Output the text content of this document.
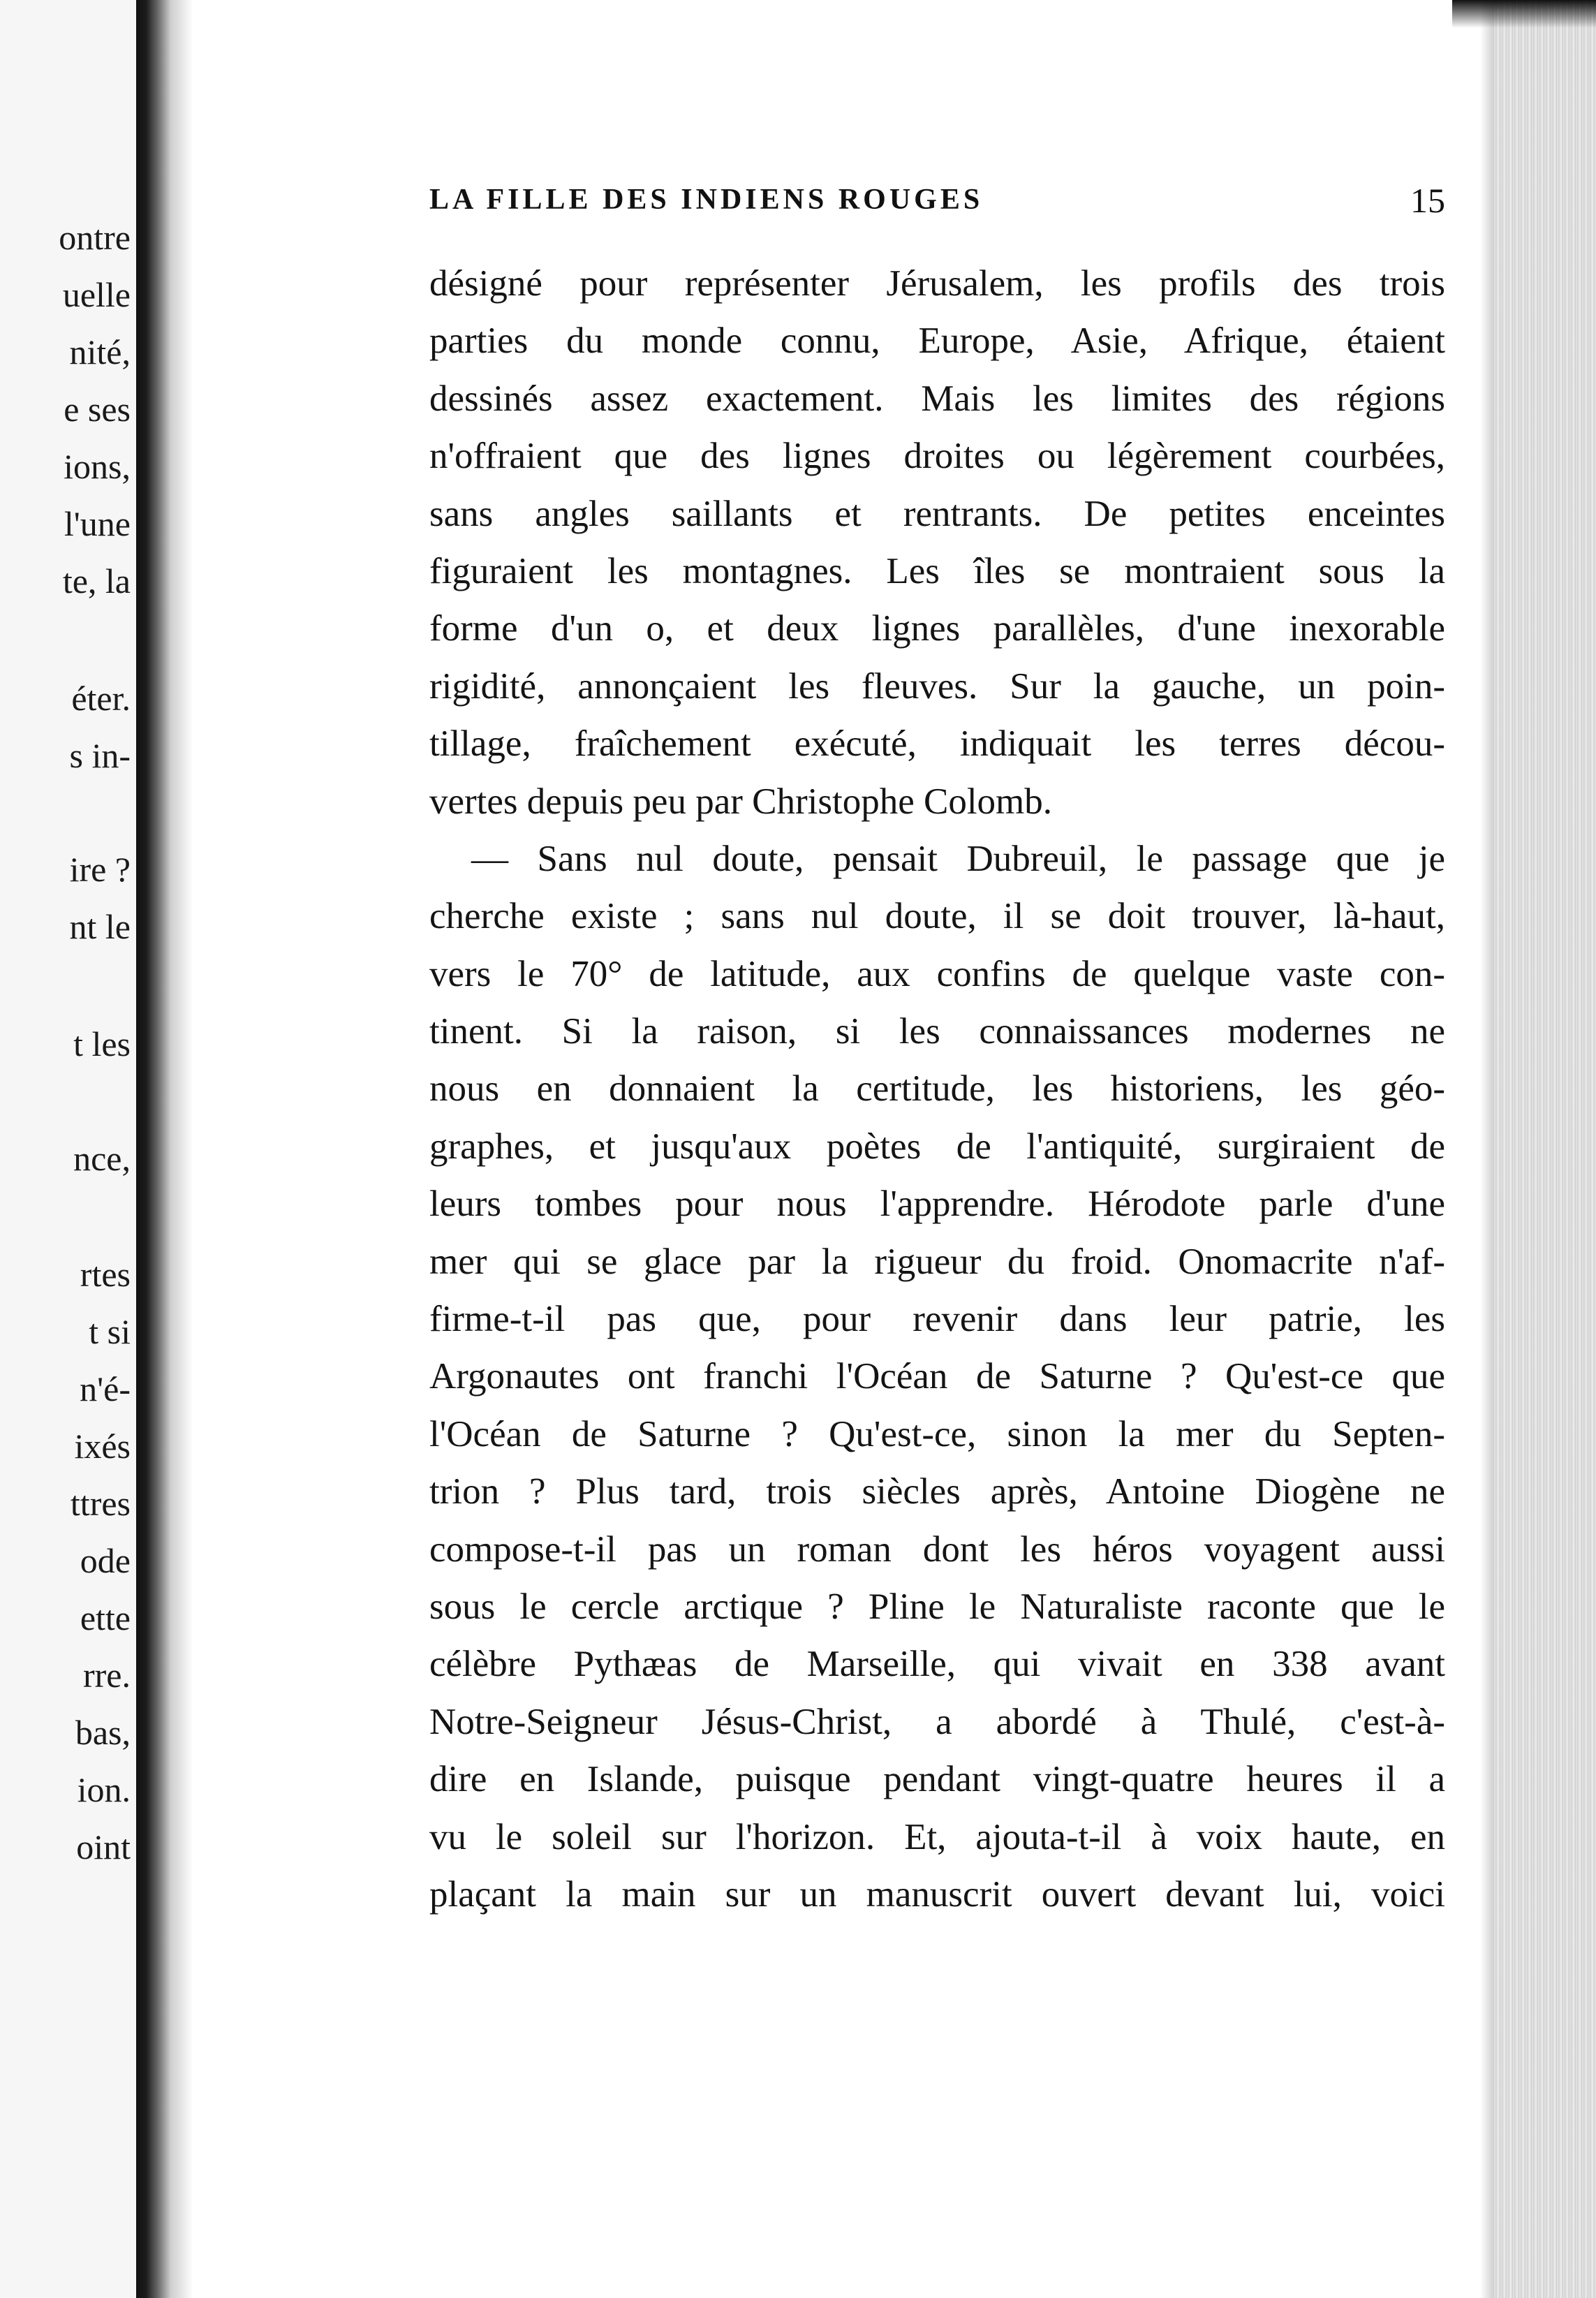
ontre
uelle
nité,
e ses
ions,
l'une
te, la
éter.
s in-
ire ?
nt le
t les
nce,
rtes
t si
n'é-
ixés
ttres
ode
ette
rre.
bas,
ion.
oint
LA FILLE DES INDIENS ROUGES	15
désigné pour représenter Jérusalem, les profils des trois
parties du monde connu, Europe, Asie, Afrique, étaient
dessinés assez exactement. Mais les limites des régions
n'offraient que des lignes droites ou légèrement courbées,
sans angles saillants et rentrants. De petites enceintes
figuraient les montagnes. Les îles se montraient sous la
forme d'un o, et deux lignes parallèles, d'une inexorable
rigidité, annonçaient les fleuves. Sur la gauche, un poin-
tillage, fraîchement exécuté, indiquait les terres décou-
vertes depuis peu par Christophe Colomb.
— Sans nul doute, pensait Dubreuil, le passage que je
cherche existe ; sans nul doute, il se doit trouver, là-haut,
vers le 70° de latitude, aux confins de quelque vaste con-
tinent. Si la raison, si les connaissances modernes ne
nous en donnaient la certitude, les historiens, les géo-
graphes, et jusqu'aux poètes de l'antiquité, surgiraient de
leurs tombes pour nous l'apprendre. Hérodote parle d'une
mer qui se glace par la rigueur du froid. Onomacrite n'af-
firme-t-il pas que, pour revenir dans leur patrie, les
Argonautes ont franchi l'Océan de Saturne ? Qu'est-ce que
l'Océan de Saturne ? Qu'est-ce, sinon la mer du Septen-
trion ? Plus tard, trois siècles après, Antoine Diogène ne
compose-t-il pas un roman dont les héros voyagent aussi
sous le cercle arctique ? Pline le Naturaliste raconte que le
célèbre Pythæas de Marseille, qui vivait en 338 avant
Notre-Seigneur Jésus-Christ, a abordé à Thulé, c'est-à-
dire en Islande, puisque pendant vingt-quatre heures il a
vu le soleil sur l'horizon. Et, ajouta-t-il à voix haute, en
plaçant la main sur un manuscrit ouvert devant lui, voici
